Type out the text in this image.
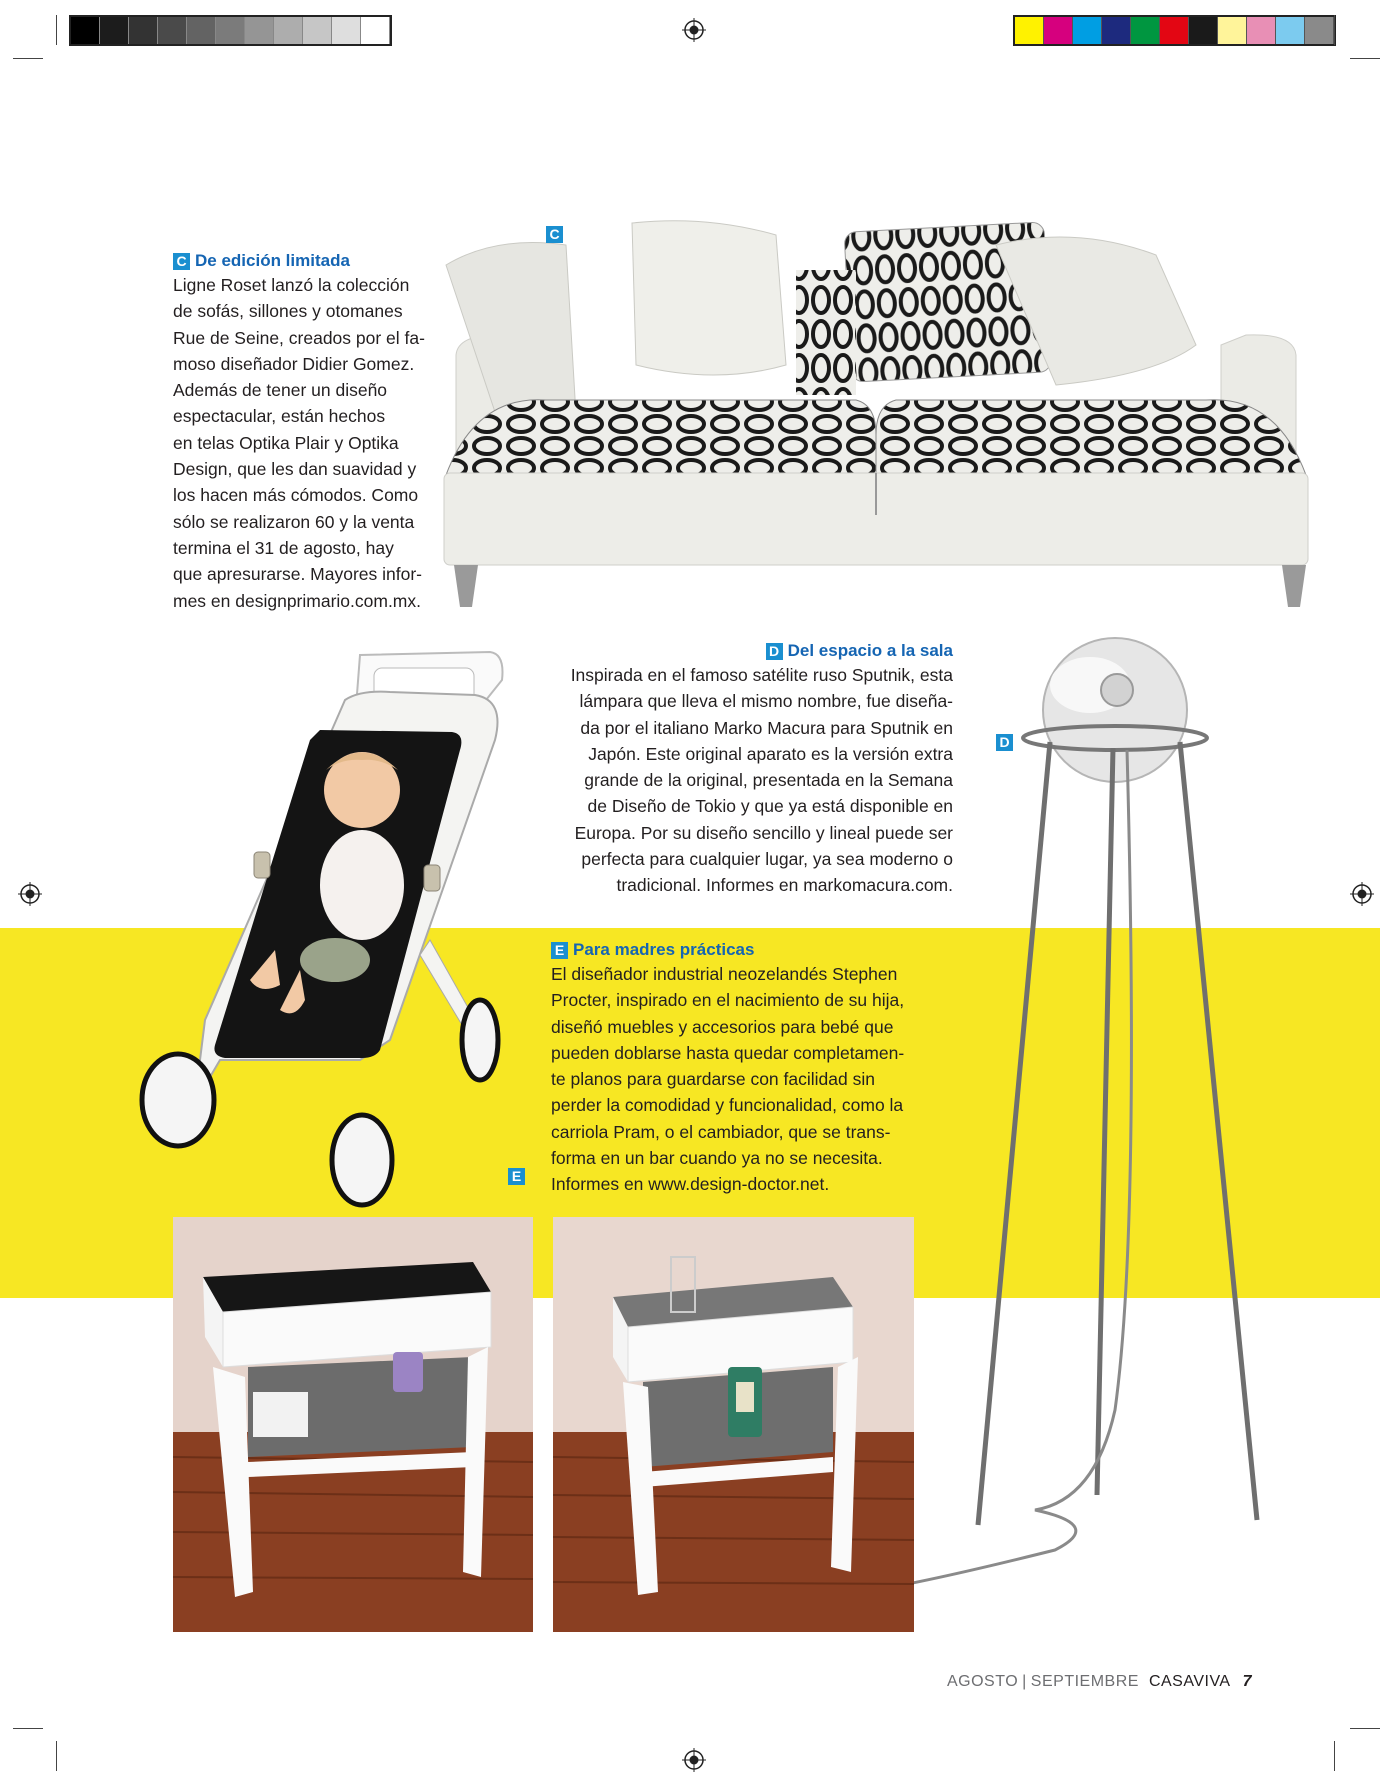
C
C De edición limitada

Ligne Roset lanzó la colección
de sofás, sillones y otomanes
Rue de Seine, creados por el fa-
moso diseñador Didier Gomez.
Además de tener un diseño
espectacular, están hechos
en telas Optika Plair y Optika
Design, que les dan suavidad y
los hacen más cómodos. Como
sólo se realizaron 60 y la venta
termina el 31 de agosto, hay
que apresurarse. Mayores infor-
mes en designprimario.com.mx.

D Del espacio a la sala

Inspirada en el famoso satélite ruso Sputnik, esta
lámpara que lleva el mismo nombre, fue diseña-
da por el italiano Marko Macura para Sputnik en
Japón. Este original aparato es la versión extra
grande de la original, presentada en la Semana
de Diseño de Tokio y que ya está disponible en
Europa. Por su diseño sencillo y lineal puede ser
perfecta para cualquier lugar, ya sea moderno o
tradicional. Informes en markomacura.com.

D
E Para madres prácticas

El diseñador industrial neozelandés Stephen
Procter, inspirado en el nacimiento de su hija,
diseñó muebles y accesorios para bebé que
pueden doblarse hasta quedar completamen-
te planos para guardarse con facilidad sin
perder la comodidad y funcionalidad, como la
carriola Pram, o el cambiador, que se trans-
forma en un bar cuando ya no se necesita.
Informes en www.design-doctor.net.

E
AGOSTO | SEPTIEMBRE CASAVIVA 7
